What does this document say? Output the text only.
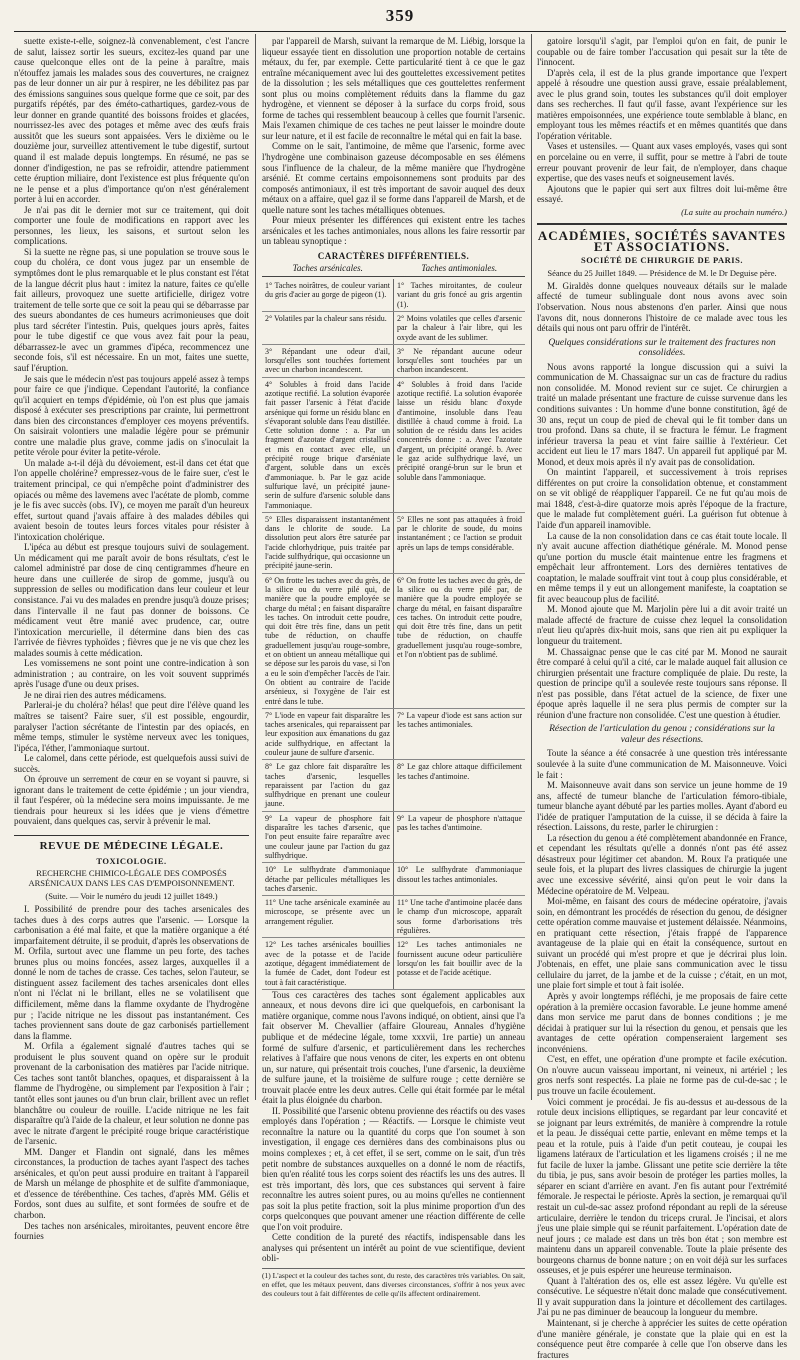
359

suette existe-t-elle, soignez-là convenablement, c'est l'ancre de salut, laissez sortir les sueurs, excitez-les quand par une cause quelconque elles ont de la peine à paraître, mais n'étouffez jamais les malades sous des couvertures, ne craignez pas de leur donner un air pur à respirer, ne les débilitez pas par des émissions sanguines sous quelque forme que ce soit, par des purgatifs répétés, par des éméto-cathartiques, gardez-vous de leur donner en grande quantité des boissons froides et glacées, nourrissez-les avec des potages et même avec des œufs frais aussitôt que les sueurs sont appaisées. Vers le dixième ou le douzième jour, surveillez attentivement le tube digestif, surtout quand il est malade depuis longtemps. En résumé, ne pas se donner d'indigestion, ne pas se refroidir, attendre patiemment cette éruption miliaire, dont l'existence est plus fréquente qu'on ne le pense et a plus d'importance qu'on n'est généralement porter à lui en accorder.

Je n'ai pas dit le dernier mot sur ce traitement, qui doit comporter une foule de modifications en rapport avec les personnes, les lieux, les saisons, et surtout selon les complications.

Si la suette ne règne pas, si une population se trouve sous le coup du choléra, ce dont vous jugez par un ensemble de symptômes dont le plus remarquable et le plus constant est l'état de la langue décrit plus haut : imitez la nature, faites ce qu'elle fait ailleurs, provoquez une suette artificielle, dirigez votre traitement de telle sorte que ce soit la peau qui se débarrasse par des sueurs abondantes de ces humeurs acrimonieuses que doit plus tard sécréter l'intestin. Puis, quelques jours après, faites pour le tube digestif ce que vous avez fait pour la peau, débarrassez-le avec un grammes d'ipéca, recommencez une seconde fois, s'il est nécessaire. En un mot, faites une suette, sauf l'éruption.

Je sais que le médecin n'est pas toujours appelé assez à temps pour faire ce que j'indique. Cependant l'autorité, la confiance qu'il acquiert en temps d'épidémie, où l'on est plus que jamais disposé à exécuter ses prescriptions par crainte, lui permettront dans bien des circonstances d'employer ces moyens préventifs. On saisirait volontiers une maladie légère pour se prémunir contre une maladie plus grave, comme jadis on s'inoculait la petite vérole pour éviter la petite-vérole.

Un malade a-t-il déjà du dévoiement, est-il dans cet état que l'on appelle cholérine? empressez-vous de le faire suer, c'est le traitement principal, ce qui n'empêche point d'administrer des opiacés ou même des lavemens avec l'acétate de plomb, comme je le fis avec succès (obs. IV), ce moyen me paraît d'un heureux effet, surtout quand j'avais affaire à des malades débiles qui avaient besoin de toutes leurs forces vitales pour résister à l'intoxication cholérique.

L'ipéca au début est presque toujours suivi de soulagement. Un médicament qui me paraît avoir de bons résultats, c'est le calomel administré par dose de cinq centigrammes d'heure en heure dans une cuillerée de sirop de gomme, jusqu'à ou suppression de selles ou modification dans leur couleur et leur consistance. J'ai vu des malades en prendre jusqu'à douze prises; dans l'intervalle il ne faut pas donner de boissons. Ce médicament veut être manié avec prudence, car, outre l'intoxication mercurielle, il détermine dans bien des cas l'arrivée de fièvres typhoïdes ; fièvres que je ne vis que chez les malades soumis à cette médication.

Les vomissemens ne sont point une contre-indication à son administration ; au contraire, on les voit souvent supprimés après l'usage d'une ou deux prises.

Je ne dirai rien des autres médicamens.

Parlerai-je du choléra? hélas! que peut dire l'élève quand les maîtres se taisent? Faire suer, s'il est possible, engourdir, paralyser l'action sécrétante de l'intestin par des opiacés, en même temps, stimuler le système nerveux avec les toniques, l'ipéca, l'éther, l'ammoniaque surtout.

Le calomel, dans cette période, est quelquefois aussi suivi de succès.

On éprouve un serrement de cœur en se voyant si pauvre, si ignorant dans le traitement de cette épidémie ; un jour viendra, il faut l'espérer, où la médecine sera moins impuissante. Je me tiendrais pour heureux si les idées que je viens d'émettre pouvaient, dans quelques cas, servir à prévenir le mal.

REVUE DE MÉDECINE LÉGALE.
TOXICOLOGIE.
RECHERCHE CHIMICO-LÉGALE DES COMPOSÉS ARSÉNICAUX DANS LES CAS D'EMPOISONNEMENT.
(Suite. — Voir le numéro du jeudi 12 juillet 1849.)

I. Possibilité de prendre pour des taches arsenicales des taches dues à des corps autres que l'arsenic. — Lorsque la carbonisation a été mal faite, et que la matière organique a été imparfaitement détruite, il se produit, d'après les observations de M. Orfila, surtout avec une flamme un peu forte, des taches brunes plus ou moins foncées, assez larges, auxquelles il a donné le nom de taches de crasse. Ces taches, selon l'auteur, se distinguent assez facilement des taches arsenicales dont elles n'ont ni l'éclat ni le brillant, elles ne se volatilisent que difficilement, même dans la flamme oxydante de l'hydrogène pur ; l'acide nitrique ne les dissout pas instantanément. Ces taches proviennent sans doute de gaz carbonisés partiellement dans la flamme.

M. Orfila a également signalé d'autres taches qui se produisent le plus souvent quand on opère sur le produit provenant de la carbonisation des matières par l'acide nitrique. Ces taches sont tantôt blanches, opaques, et disparaissent à la flamme de l'hydrogène, ou simplement par l'exposition à l'air ; tantôt elles sont jaunes ou d'un brun clair, brillent avec un reflet blanchâtre ou couleur de rouille. L'acide nitrique ne les fait disparaître qu'à l'aide de la chaleur, et leur solution ne donne pas avec le nitrate d'argent le précipité rouge brique caractéristique de l'arsenic.

MM. Danger et Flandin ont signalé, dans les mêmes circonstances, la production de taches ayant l'aspect des taches arsénicales, et qu'on peut aussi produire en traitant à l'appareil de Marsh un mélange de phosphite et de sulfite d'ammoniaque, et d'essence de térébenthine. Ces taches, d'après MM. Gélis et Fordos, sont dues au sulfite, et sont formées de soufre et de charbon.

Des taches non arsénicales, miroitantes, peuvent encore être fournies

par l'appareil de Marsh, suivant la remarque de M. Liébig, lorsque la liqueur essayée tient en dissolution une proportion notable de certains métaux, du fer, par exemple. Cette particularité tient à ce que le gaz entraîne mécaniquement avec lui des gouttelettes excessivement petites de la dissolution ; les sels métalliques que ces gouttelettes renferment sont plus ou moins complètement réduits dans la flamme du gaz hydrogène, et viennent se déposer à la surface du corps froid, sous forme de taches qui ressemblent beaucoup à celles que fournit l'arsenic. Mais l'examen chimique de ces taches ne peut laisser le moindre doute sur leur nature, et il est facile de reconnaître le métal qui en fait la base.

Comme on le sait, l'antimoine, de même que l'arsenic, forme avec l'hydrogène une combinaison gazeuse décomposable en ses élémens sous l'influence de la chaleur, de la même manière que l'hydrogène arsénié. Et comme certains empoisonnemens sont produits par des composés antimoniaux, il est très important de savoir auquel des deux métaux on a affaire, quel gaz il se forme dans l'appareil de Marsh, et de quelle nature sont les taches métalliques obtenues.

Pour mieux présenter les différences qui existent entre les taches arsénicales et les taches antimoniales, nous allons les faire ressortir par un tableau synoptique :

CARACTÈRES DIFFÉRENTIELS.
Taches arsénicales.	Taches antimoniales.
1° Taches noirâtres, de couleur variant du gris d'acier au gorge de pigeon (1).
1° Taches miroitantes, de couleur variant du gris foncé au gris argentin (1).
2° Volatiles par la chaleur sans résidu.	2° Moins volatiles que celles d'arsenic par la chaleur à l'air libre, qui les oxyde avant de les sublimer.
3° Répandant une odeur d'ail, lorsqu'elles sont touchées fortement avec un charbon incandescent.
3° Ne répandant aucune odeur lorsqu'elles sont touchées par un charbon incandescent.
4° Solubles à froid dans l'acide azotique rectifié. La solution évaporée fait passer l'arsenic à l'état d'acide arsénique qui forme un résidu blanc en s'évaporant soluble dans l'eau distillée. Cette solution donne : a. Par un fragment d'azotate d'argent cristallisé et mis en contact avec elle, un précipité rouge brique d'arséniate d'argent, soluble dans un excès d'ammoniaque. b. Par le gaz acide sulfurique lavé, un précipité jaune-serin de sulfure d'arsenic soluble dans l'ammoniaque.
4° Solubles à froid dans l'acide azotique rectifié. La solution évaporée laisse un résidu blanc d'oxyde d'antimoine, insoluble dans l'eau distillée à chaud comme à froid. La solution de ce résidu dans les acides concentrés donne : a. Avec l'azotate d'argent, un précipité orangé. b. Avec le gaz acide sulfhydrique lavé, un précipité orangé-brun sur le brun et soluble dans l'ammoniaque.
5° Elles disparaissent instantanément dans le chlorite de soude. La dissolution peut alors être saturée par l'acide chlorhydrique, puis traitée par l'acide sulfhydrique, qui occasionne un précipité jaune-serin.
5° Elles ne sont pas attaquées à froid par le chlorite de soude, du moins instantanément ; ce l'action se produit après un laps de temps considérable.
6° On frotte les taches avec du grès, de la silice ou du verre pilé qui, de manière que la poudre employée se charge du métal ; en faisant disparaître les taches. On introduit cette poudre, qui doit être très fine, dans un petit tube de réduction, on chauffe graduellement jusqu'au rouge-sombre, et on obtient un anneau métallique qui se dépose sur les parois du vase, si l'on a eu le soin d'empêcher l'accès de l'air. On obtient au contraire de l'acide arsénieux, si l'oxygène de l'air est entré dans le tube.
6° On frotte les taches avec du grès, de la silice ou du verre pilé par, de manière que la poudre employée se charge du métal, en faisant disparaître ces taches. On introduit cette poudre, qui doit être très fine, dans un petit tube de réduction, on chauffe graduellement jusqu'au rouge-sombre, et l'on n'obtient pas de sublimé.
7° L'iode en vapeur fait disparaître les taches arsenicales, qui reparaissent par leur exposition aux émanations du gaz acide sulfhydrique, en affectant la couleur jaune de sulfure d'arsenic.
7° La vapeur d'iode est sans action sur les taches antimoniales.
8° Le gaz chlore fait disparaître les taches d'arsenic, lesquelles reparaissent par l'action du gaz sulfhydrique en prenant une couleur jaune.
8° Le gaz chlore attaque difficilement les taches d'antimoine.
9° La vapeur de phosphore fait disparaître les taches d'arsenic, que l'on peut ensuite faire reparaître avec une couleur jaune par l'action du gaz sulfhydrique.
9° La vapeur de phosphore n'attaque pas les taches d'antimoine.
10° Le sulfhydrate d'ammoniaque détache par pellicules métalliques les taches d'arsenic.
10° Le sulfhydrate d'ammoniaque dissout les taches antimoniales.
11° Une tache arsénicale examinée au microscope, se présente avec un arrangement régulier.
11° Une tache d'antimoine placée dans le champ d'un microscope, apparaît sous forme d'arborisations très régulières.
12° Les taches arsénicales bouillies avec de la potasse et de l'acide azotique, dégagent immédiatement de la fumée de Cadet, dont l'odeur est tout à fait caractéristique.
12° Les taches antimoniales ne fournissent aucune odeur particulière lorsqu'on les fait bouillir avec de la potasse et de l'acide acétique.

Tous ces caractères des taches sont également applicables aux anneaux, et nous devons dire ici que quelquefois, en carbonisant la matière organique, comme nous l'avons indiqué, on obtient, ainsi que l'a fait observer M. Chevallier (affaire Gloureau, Annales d'hygiène publique et de médecine légale, tome xxxvii, 1re partie) un anneau formé de sulfure d'arsenic, et particulièrement dans les recherches relatives à l'affaire que nous venons de citer, les experts en ont obtenu un, sur nature, qui présentait trois couches, l'une d'arsenic, la deuxième de sulfure jaune, et la troisième de sulfure rouge ; cette dernière se trouvait placée entre les deux autres. Celle qui était formée par le métal était la plus éloignée du charbon.

II. Possibilité que l'arsenic obtenu provienne des réactifs ou des vases employés dans l'opération ; — Réactifs. — Lorsque le chimiste veut reconnaître la nature ou la quantité du corps que l'on soumet à son investigation, il engage ces dernières dans des combinaisons plus ou moins complexes ; et, à cet effet, il se sert, comme on le sait, d'un très petit nombre de substances auxquelles on a donné le nom de réactifs, bien qu'en réalité tous les corps soient des réactifs les uns des autres. Il est très important, dès lors, que ces substances qui servent à faire reconnaître les autres soient pures, ou au moins qu'elles ne contiennent pas soit la plus petite fraction, soit la plus minime proportion d'un des corps quelconques que pouvant amener une réaction différente de celle que l'on voit produire.

Cette condition de la pureté des réactifs, indispensable dans les analyses qui présentent un intérêt au point de vue scientifique, devient obli-

(1) L'aspect et la couleur des taches sont, du reste, des caractères très variables. On sait, en effet, que les métaux peuvent, dans diverses circonstances, s'offrir à nos yeux avec des couleurs tout à fait différentes de celle qu'ils affectent ordinairement.

gatoire lorsqu'il s'agit, par l'emploi qu'on en fait, de punir le coupable ou de faire tomber l'accusation qui pesait sur la tête de l'innocent.

D'après cela, il est de la plus grande importance que l'expert appelé à résoudre une question aussi grave, essaie préalablement, avec le plus grand soin, toutes les substances qu'il doit employer dans ses recherches. Il faut qu'il fasse, avant l'expérience sur les matières empoisonnées, une expérience toute semblable à blanc, en employant tous les mêmes réactifs et en mêmes quantités que dans l'opération véritable.

Vases et ustensiles. — Quant aux vases employés, vases qui sont en porcelaine ou en verre, il suffit, pour se mettre à l'abri de toute erreur pouvant provenir de leur fait, de n'employer, dans chaque expertise, que des vases neufs et soigneusement lavés.

Ajoutons que le papier qui sert aux filtres doit lui-même être essayé.

(La suite au prochain numéro.)
ACADÉMIES, SOCIÉTÉS SAVANTES ET ASSOCIATIONS.
SOCIÉTÉ DE CHIRURGIE DE PARIS.
Séance du 25 Juillet 1849. — Présidence de M. le Dr Deguise père.

M. Giraldès donne quelques nouveaux détails sur le malade affecté de tumeur sublinguale dont nous avons avec soin l'observation. Nous nous abstenons d'en parler. Ainsi que nous l'avons dit, nous donnerons l'histoire de ce malade avec tous les détails qui nous ont paru offrir de l'intérêt.

Quelques considérations sur le traitement des fractures non consolidées.

Nous avons rapporté la longue discussion qui a suivi la communication de M. Chassaignac sur un cas de fracture du radius non consolidée. M. Monod revient sur ce sujet. Ce chirurgien a traité un malade présentant une fracture de cuisse survenue dans les conditions suivantes : Un homme d'une bonne constitution, âgé de 30 ans, reçut un coup de pied de cheval qui le fit tomber dans un trou profond. Dans sa chute, il se fractura le fémur. Le fragment inférieur traversa la peau et vint faire saillie à l'extérieur. Cet accident eut lieu le 17 mars 1847. Un appareil fut appliqué par M. Monod, et deux mois après il n'y avait pas de consolidation.

On maintint l'appareil, et successivement à trois reprises différentes on put croire la consolidation obtenue, et constamment on se vit obligé de réappliquer l'appareil. Ce ne fut qu'au mois de mai 1848, c'est-à-dire quatorze mois après l'époque de la fracture, que le malade fut complètement guéri. La guérison fut obtenue à l'aide d'un appareil inamovible.

La cause de la non consolidation dans ce cas était toute locale. Il n'y avait aucune affection diathétique générale. M. Monod pense qu'une portion du muscle était maintenue entre les fragmens et empêchait leur affrontement. Lors des dernières tentatives de coaptation, le malade souffrait vint tout à coup plus considérable, et en même temps il y eut un allongement manifeste, la coaptation se fit avec beaucoup plus de facilité.

M. Monod ajoute que M. Marjolin père lui a dit avoir traité un malade affecté de fracture de cuisse chez lequel la consolidation n'eut lieu qu'après dix-huit mois, sans que rien ait pu expliquer la longueur du traitement.

M. Chassaignac pense que le cas cité par M. Monod ne saurait être comparé à celui qu'il a cité, car le malade auquel fait allusion ce chirurgien présentait une fracture compliquée de plaie. Du reste, la question de principe qu'il a soulevée reste toujours sans réponse. Il n'est pas possible, dans l'état actuel de la science, de fixer une époque après laquelle il ne sera plus permis de compter sur la réunion d'une fracture non consolidée. C'est une question à étudier.

Résection de l'articulation du genou ; considérations sur la valeur des résections.

Toute la séance a été consacrée à une question très intéressante soulevée à la suite d'une communication de M. Maisonneuve. Voici le fait :

M. Maisonneuve avait dans son service un jeune homme de 19 ans, affecté de tumeur blanche de l'articulation fémoro-tibiale, tumeur blanche ayant débuté par les parties molles. Ayant d'abord eu l'idée de pratiquer l'amputation de la cuisse, il se décida à faire la résection. Laissons, du reste, parler le chirurgien :

La résection du genou a été complètement abandonnée en France, et cependant les résultats qu'elle a donnés n'ont pas été assez désastreux pour légitimer cet abandon. M. Roux l'a pratiquée une seule fois, et la plupart des livres classiques de chirurgie la jugent avec une excessive sévérité, ainsi qu'on peut le voir dans la Médecine opératoire de M. Velpeau.

Moi-même, en faisant des cours de médecine opératoire, j'avais soin, en démontrant les procédés de résection du genou, de désigner cette opération comme mauvaise et justement délaissée. Néanmoins, en pratiquant cette résection, j'étais frappé de l'apparence avantageuse de la plaie qui en était la conséquence, surtout en suivant un procédé qui m'est propre et que je décrirai plus loin. J'obtenais, en effet, une plaie sans communication avec le tissu cellulaire du jarret, de la jambe et de la cuisse ; c'était, en un mot, une plaie fort simple et tout à fait isolée.

Après y avoir longtemps réfléchi, je me proposais de faire cette opération à la première occasion favorable. Le jeune homme amené dans mon service me parut dans de bonnes conditions ; je me décidai à pratiquer sur lui la résection du genou, et pensais que les avantages de cette opération compenseraient largement ses inconvéniens.

C'est, en effet, une opération d'une prompte et facile exécution. On n'ouvre aucun vaisseau important, ni veineux, ni artériel ; les gros nerfs sont respectés. La plaie ne forme pas de cul-de-sac ; le pus trouve un facile écoulement.

Voici comment je procédai. Je fis au-dessus et au-dessous de la rotule deux incisions elliptiques, se regardant par leur concavité et se joignant par leurs extrémités, de manière à comprendre la rotule et la peau. Je disséquai cette partie, enlevant en même temps et la peau et la rotule, puis à l'aide d'un petit couteau, je coupai les ligamens latéraux de l'articulation et les ligamens croisés ; il ne me fut facile de luxer la jambe. Glissant une petite scie derrière la tête du tibia, je pus, sans avoir besoin de protéger les parties molles, la séparer en sciant d'arrière en avant. J'en fis autant pour l'extrémité fémorale. Je respectai le périoste. Après la section, je remarquai qu'il restait un cul-de-sac assez profond répondant au repli de la séreuse articulaire, derrière le tendon du triceps crural. Je l'incisai, et alors j'eus une plaie simple qui se réunit parfaitement. L'opération date de neuf jours ; ce malade est dans un très bon état ; son membre est maintenu dans un appareil convenable. Toute la plaie présente des bourgeons charnus de bonne nature ; on en voit déjà sur les surfaces osseuses, et je puis espérer une heureuse terminaison.

Quant à l'altération des os, elle est assez légère. Vu qu'elle est consécutive. Le séquestre n'était donc malade que consécutivement. Il y avait suppuration dans la jointure et décollement des cartilages. J'ai pu ne pas diminuer de beaucoup la longueur du membre.

Maintenant, si je cherche à apprécier les suites de cette opération d'une manière générale, je constate que la plaie qui en est la conséquence peut être comparée à celle que l'on observe dans les fractures
